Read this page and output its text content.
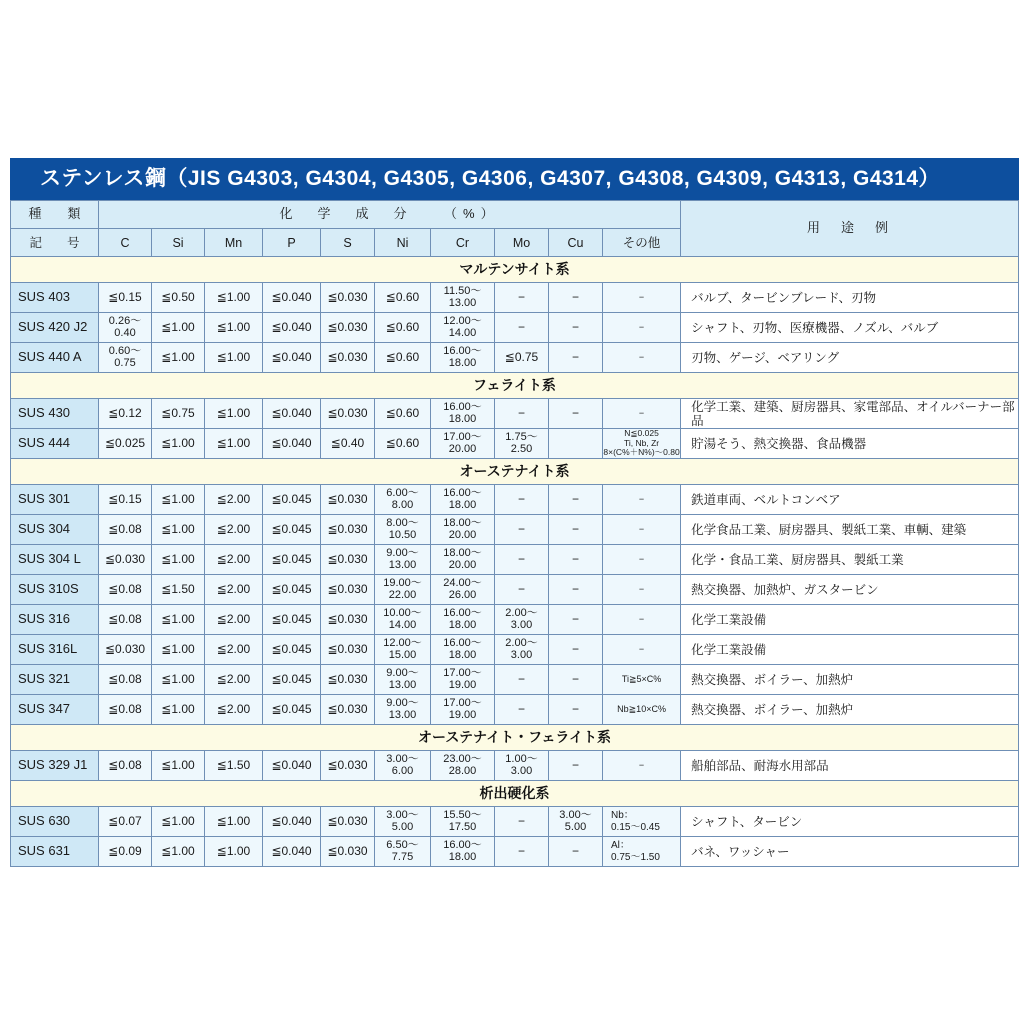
ステンレス鋼（JIS G4303, G4304, G4305, G4306, G4307, G4308, G4309, G4313, G4314）
種　　類	化　学　成　分　　（%）										用　途　例
記　　号	C	Si	Mn	P	S	Ni	Cr	Mo	Cu	その他	
マルテンサイト系											
SUS 403	≦0.15	≦0.50	≦1.00	≦0.040	≦0.030	≦0.60	11.50〜
13.00	−	−	−	バルブ、タービンブレード、刃物
SUS 420 J2	0.26〜
0.40	≦1.00	≦1.00	≦0.040	≦0.030	≦0.60	12.00〜
14.00	−	−	−	シャフト、刃物、医療機器、ノズル、バルブ
SUS 440 A	0.60〜
0.75	≦1.00	≦1.00	≦0.040	≦0.030	≦0.60	16.00〜
18.00	≦0.75	−	−	刃物、ゲージ、ベアリング
フェライト系											
SUS 430	≦0.12	≦0.75	≦1.00	≦0.040	≦0.030	≦0.60	16.00〜
18.00	−	−	−	化学工業、建築、厨房器具、家電部品、オイルバーナー部品
SUS 444	≦0.025	≦1.00	≦1.00	≦0.040	≦0.40	≦0.60	17.00〜
20.00	1.75〜
2.50		N≦0.025
Ti, Nb, Zr
8×(C%＋N%)〜0.80	貯湯そう、熱交換器、食品機器
オーステナイト系											
SUS 301	≦0.15	≦1.00	≦2.00	≦0.045	≦0.030	6.00〜
8.00	16.00〜
18.00	−	−	−	鉄道車両、ベルトコンベア
SUS 304	≦0.08	≦1.00	≦2.00	≦0.045	≦0.030	8.00〜
10.50	18.00〜
20.00	−	−	−	化学食品工業、厨房器具、製紙工業、車輌、建築
SUS 304 L	≦0.030	≦1.00	≦2.00	≦0.045	≦0.030	9.00〜
13.00	18.00〜
20.00	−	−	−	化学・食品工業、厨房器具、製紙工業
SUS 310S	≦0.08	≦1.50	≦2.00	≦0.045	≦0.030	19.00〜
22.00	24.00〜
26.00	−	−	−	熱交換器、加熱炉、ガスタービン
SUS 316	≦0.08	≦1.00	≦2.00	≦0.045	≦0.030	10.00〜
14.00	16.00〜
18.00	2.00〜
3.00	−	−	化学工業設備
SUS 316L	≦0.030	≦1.00	≦2.00	≦0.045	≦0.030	12.00〜
15.00	16.00〜
18.00	2.00〜
3.00	−	−	化学工業設備
SUS 321	≦0.08	≦1.00	≦2.00	≦0.045	≦0.030	9.00〜
13.00	17.00〜
19.00	−	−	Ti≧5×C%	熱交換器、ボイラー、加熱炉
SUS 347	≦0.08	≦1.00	≦2.00	≦0.045	≦0.030	9.00〜
13.00	17.00〜
19.00	−	−	Nb≧10×C%	熱交換器、ボイラー、加熱炉
オーステナイト・フェライト系											
SUS 329 J1	≦0.08	≦1.00	≦1.50	≦0.040	≦0.030	3.00〜
6.00	23.00〜
28.00	1.00〜
3.00	−	−	船舶部品、耐海水用部品
析出硬化系											
SUS 630	≦0.07	≦1.00	≦1.00	≦0.040	≦0.030	3.00〜
5.00	15.50〜
17.50	−	3.00〜
5.00	Nb：
0.15〜0.45	シャフト、タービン
SUS 631	≦0.09	≦1.00	≦1.00	≦0.040	≦0.030	6.50〜
7.75	16.00〜
18.00	−	−	Al：
0.75〜1.50	バネ、ワッシャー
